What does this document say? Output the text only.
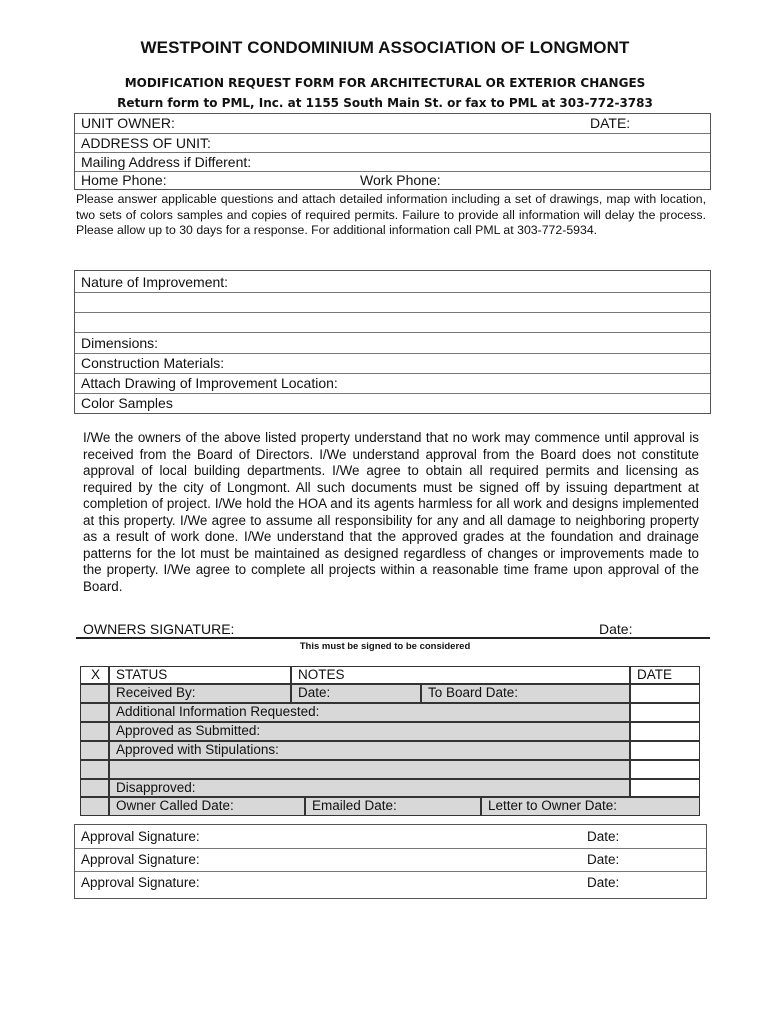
WESTPOINT CONDOMINIUM ASSOCIATION OF LONGMONT
MODIFICATION REQUEST FORM FOR ARCHITECTURAL OR EXTERIOR CHANGES
Return form to PML, Inc. at 1155 South Main St. or fax to PML at 303-772-3783
UNIT OWNER:	DATE:
ADDRESS OF UNIT:
Mailing Address if Different:
Home Phone:	Work Phone:
Please answer applicable questions and attach detailed information including a set of drawings, map with location, two sets of colors samples and copies of required permits. Failure to provide all information will delay the process. Please allow up to 30 days for a response. For additional information call PML at 303-772-5934.
Nature of Improvement:
Dimensions:
Construction Materials:
Attach Drawing of Improvement Location:
Color Samples
I/We the owners of the above listed property understand that no work may commence until approval is received from the Board of Directors. I/We understand approval from the Board does not constitute approval of local building departments. I/We agree to obtain all required permits and licensing as required by the city of Longmont. All such documents must be signed off by issuing department at completion of project. I/We hold the HOA and its agents harmless for all work and designs implemented at this property. I/We agree to assume all responsibility for any and all damage to neighboring property as a result of work done. I/We understand that the approved grades at the foundation and drainage patterns for the lot must be maintained as designed regardless of changes or improvements made to the property. I/We agree to complete all projects within a reasonable time frame upon approval of the Board.
OWNERS SIGNATURE:	Date:
This must be signed to be considered
X	STATUS	NOTES	DATE
Received By:	Date:	To Board Date:
Additional Information Requested:
Approved as Submitted:
Approved with Stipulations:
Disapproved:
Owner Called Date:	Emailed Date:	Letter to Owner Date:
Approval Signature:	Date:
Approval Signature:	Date:
Approval Signature:	Date:
